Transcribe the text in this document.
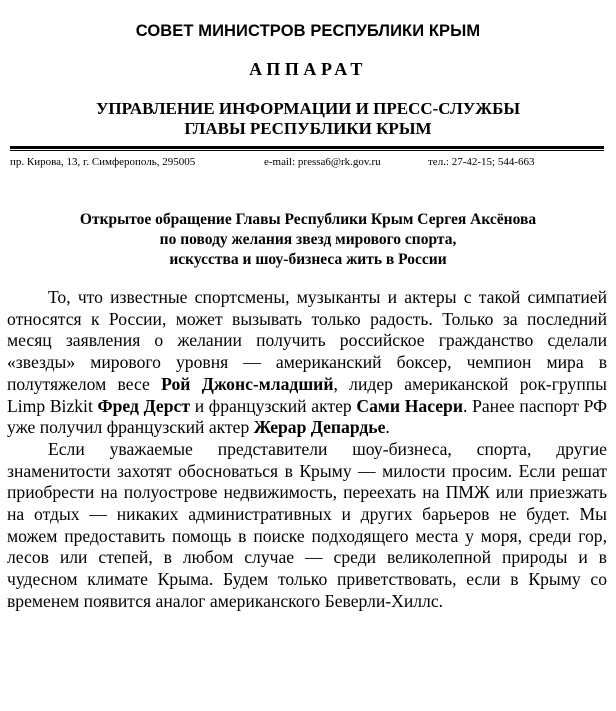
СОВЕТ МИНИСТРОВ РЕСПУБЛИКИ КРЫМ
АППАРАТ
УПРАВЛЕНИЕ ИНФОРМАЦИИ И ПРЕСС-СЛУЖБЫ
ГЛАВЫ РЕСПУБЛИКИ КРЫМ
пр. Кирова, 13, г. Симферополь, 295005	e-mail: pressa6@rk.gov.ru	тел.: 27-42-15; 544-663
Открытое обращение Главы Республики Крым Сергея Аксёнова
по поводу желания звезд мирового спорта,
искусства и шоу-бизнеса жить в России

То, что известные спортсмены, музыканты и актеры с такой симпатией относятся к России, может вызывать только радость. Только за последний месяц заявления о желании получить российское гражданство сделали «звезды» мирового уровня — американский боксер, чемпион мира в полутяжелом весе Рой Джонс-младший, лидер американской рок-группы Limp Bizkit Фред Дерст и французский актер Сами Насери. Ранее паспорт РФ уже получил французский актер Жерар Депардье.

Если уважаемые представители шоу-бизнеса, спорта, другие знаменитости захотят обосноваться в Крыму — милости просим. Если решат приобрести на полуострове недвижимость, переехать на ПМЖ или приезжать на отдых — никаких административных и других барьеров не будет. Мы можем предоставить помощь в поиске подходящего места у моря, среди гор, лесов или степей, в любом случае — среди великолепной природы и в чудесном климате Крыма. Будем только приветствовать, если в Крыму со временем появится аналог американского Беверли-Хиллс.
